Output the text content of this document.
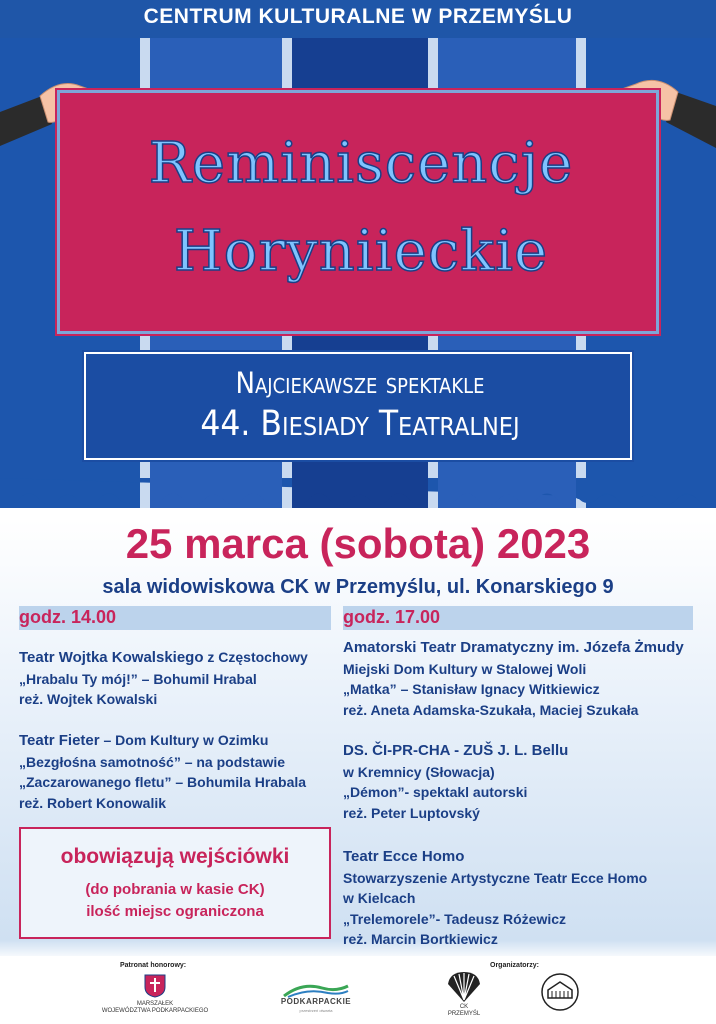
CENTRUM KULTURALNE W PRZEMYŚLU
Reminiscencje
Horyniieckie
Najciekawsze spektakle
44. Biesiady Teatralnej
25 marca (sobota) 2023
sala widowiskowa CK w Przemyślu, ul. Konarskiego 9
godz. 14.00
Teatr Wojtka Kowalskiego z Częstochowy
„Hrabalu Ty mój!” – Bohumil Hrabal
reż. Wojtek Kowalski
Teatr Fieter – Dom Kultury w Ozimku
„Bezgłośna samotność” – na podstawie
„Zaczarowanego fletu” – Bohumila Hrabala
reż. Robert Konowalik
godz. 17.00
Amatorski Teatr Dramatyczny im. Józefa Żmudy
Miejski Dom Kultury w Stalowej Woli
„Matka” – Stanisław Ignacy Witkiewicz
reż. Aneta Adamska-Szukała, Maciej Szukała
DS. ČI-PR-CHA - ZUŠ J. L. Bellu
w Kremnicy (Słowacja)
„Démon”- spektakl autorski
reż. Peter Luptovský
Teatr Ecce Homo
Stowarzyszenie Artystyczne Teatr Ecce Homo
w Kielcach
„Trelemorele”- Tadeusz Różewicz
reż. Marcin Bortkiewicz
obowiązują wejściówki
(do pobrania w kasie CK)
ilość miejsc ograniczona
Patronat honorowy:
MARSZAŁEK
WOJEWÓDZTWA PODKARPACKIEGO
PODKARPACKIE
przestrzeń otwarta
Organizatorzy:
CK
PRZEMYŚL
